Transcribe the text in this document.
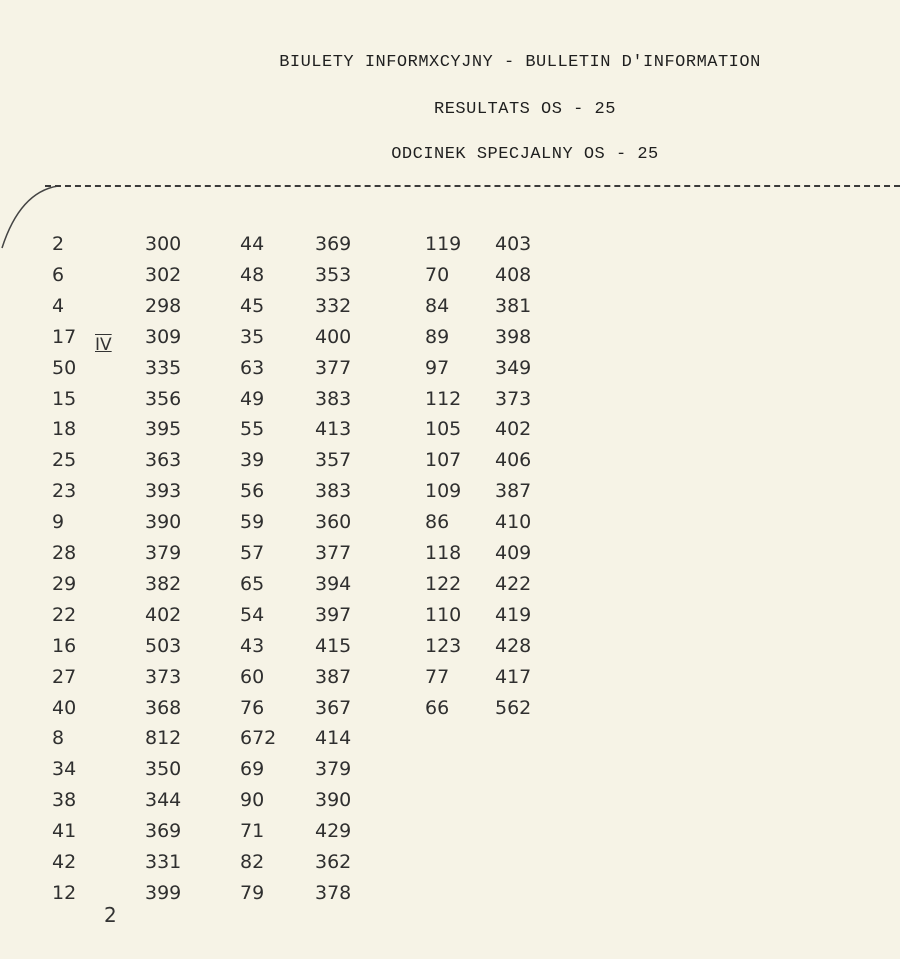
BIULETY INFORMXCYJNY - BULLETIN D'INFORMATION
RESULTATS OS - 25
ODCINEK SPECJALNY OS - 25
IV
2
2
6
4
17
50
15
18
25
23
9
28
29
22
16
27
40
8
34
38
41
42
12
300
302
298
309
335
356
395
363
393
390
379
382
402
503
373
368
812
350
344
369
331
399
44
48
45
35
63
49
55
39
56
59
57
65
54
43
60
76
672
69
90
71
82
79
369
353
332
400
377
383
413
357
383
360
377
394
397
415
387
367
414
379
390
429
362
378
119
70
84
89
97
112
105
107
109
86
118
122
110
123
77
66
403
408
381
398
349
373
402
406
387
410
409
422
419
428
417
562
